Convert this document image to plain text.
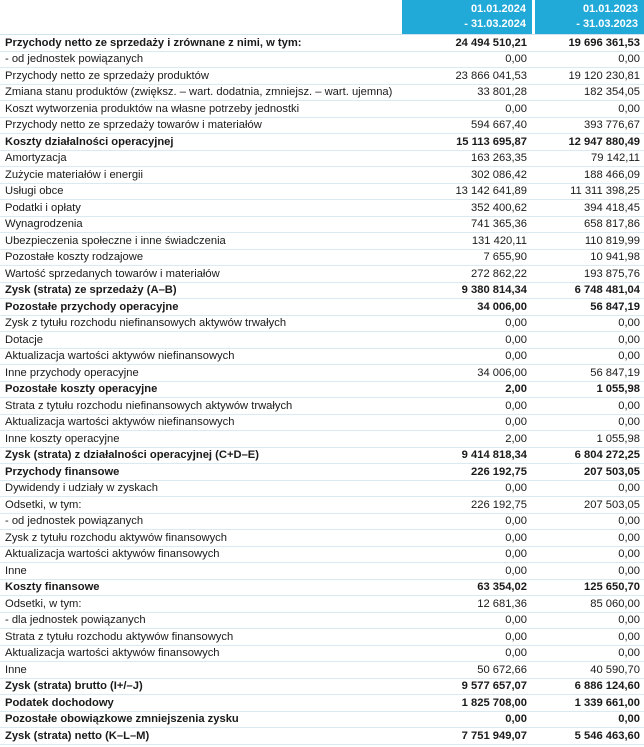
01.01.2024
- 31.03.2024
01.01.2023
- 31.03.2023
Przychody netto ze sprzedaży i zrównane z nimi, w tym:	24 494 510,21	19 696 361,53
- od jednostek powiązanych	0,00	0,00
Przychody netto ze sprzedaży produktów	23 866 041,53	19 120 230,81
Zmiana stanu produktów (zwiększ. – wart. dodatnia, zmniejsz. – wart. ujemna)	33 801,28	182 354,05
Koszt wytworzenia produktów na własne potrzeby jednostki	0,00	0,00
Przychody netto ze sprzedaży towarów i materiałów	594 667,40	393 776,67
Koszty działalności operacyjnej	15 113 695,87	12 947 880,49
Amortyzacja	163 263,35	79 142,11
Zużycie materiałów i energii	302 086,42	188 466,09
Usługi obce	13 142 641,89	11 311 398,25
Podatki i opłaty	352 400,62	394 418,45
Wynagrodzenia	741 365,36	658 817,86
Ubezpieczenia społeczne i inne świadczenia	131 420,11	110 819,99
Pozostałe koszty rodzajowe	7 655,90	10 941,98
Wartość sprzedanych towarów i materiałów	272 862,22	193 875,76
Zysk (strata) ze sprzedaży (A–B)	9 380 814,34	6 748 481,04
Pozostałe przychody operacyjne	34 006,00	56 847,19
Zysk z tytułu rozchodu niefinansowych aktywów trwałych	0,00	0,00
Dotacje	0,00	0,00
Aktualizacja wartości aktywów niefinansowych	0,00	0,00
Inne przychody operacyjne	34 006,00	56 847,19
Pozostałe koszty operacyjne	2,00	1 055,98
Strata z tytułu rozchodu niefinansowych aktywów trwałych	0,00	0,00
Aktualizacja wartości aktywów niefinansowych	0,00	0,00
Inne koszty operacyjne	2,00	1 055,98
Zysk (strata) z działalności operacyjnej (C+D–E)	9 414 818,34	6 804 272,25
Przychody finansowe	226 192,75	207 503,05
Dywidendy i udziały w zyskach	0,00	0,00
Odsetki, w tym:	226 192,75	207 503,05
- od jednostek powiązanych	0,00	0,00
Zysk z tytułu rozchodu aktywów finansowych	0,00	0,00
Aktualizacja wartości aktywów finansowych	0,00	0,00
Inne	0,00	0,00
Koszty finansowe	63 354,02	125 650,70
Odsetki, w tym:	12 681,36	85 060,00
- dla jednostek powiązanych	0,00	0,00
Strata z tytułu rozchodu aktywów finansowych	0,00	0,00
Aktualizacja wartości aktywów finansowych	0,00	0,00
Inne	50 672,66	40 590,70
Zysk (strata) brutto (I+/–J)	9 577 657,07	6 886 124,60
Podatek dochodowy	1 825 708,00	1 339 661,00
Pozostałe obowiązkowe zmniejszenia zysku	0,00	0,00
Zysk (strata) netto (K–L–M)	7 751 949,07	5 546 463,60
